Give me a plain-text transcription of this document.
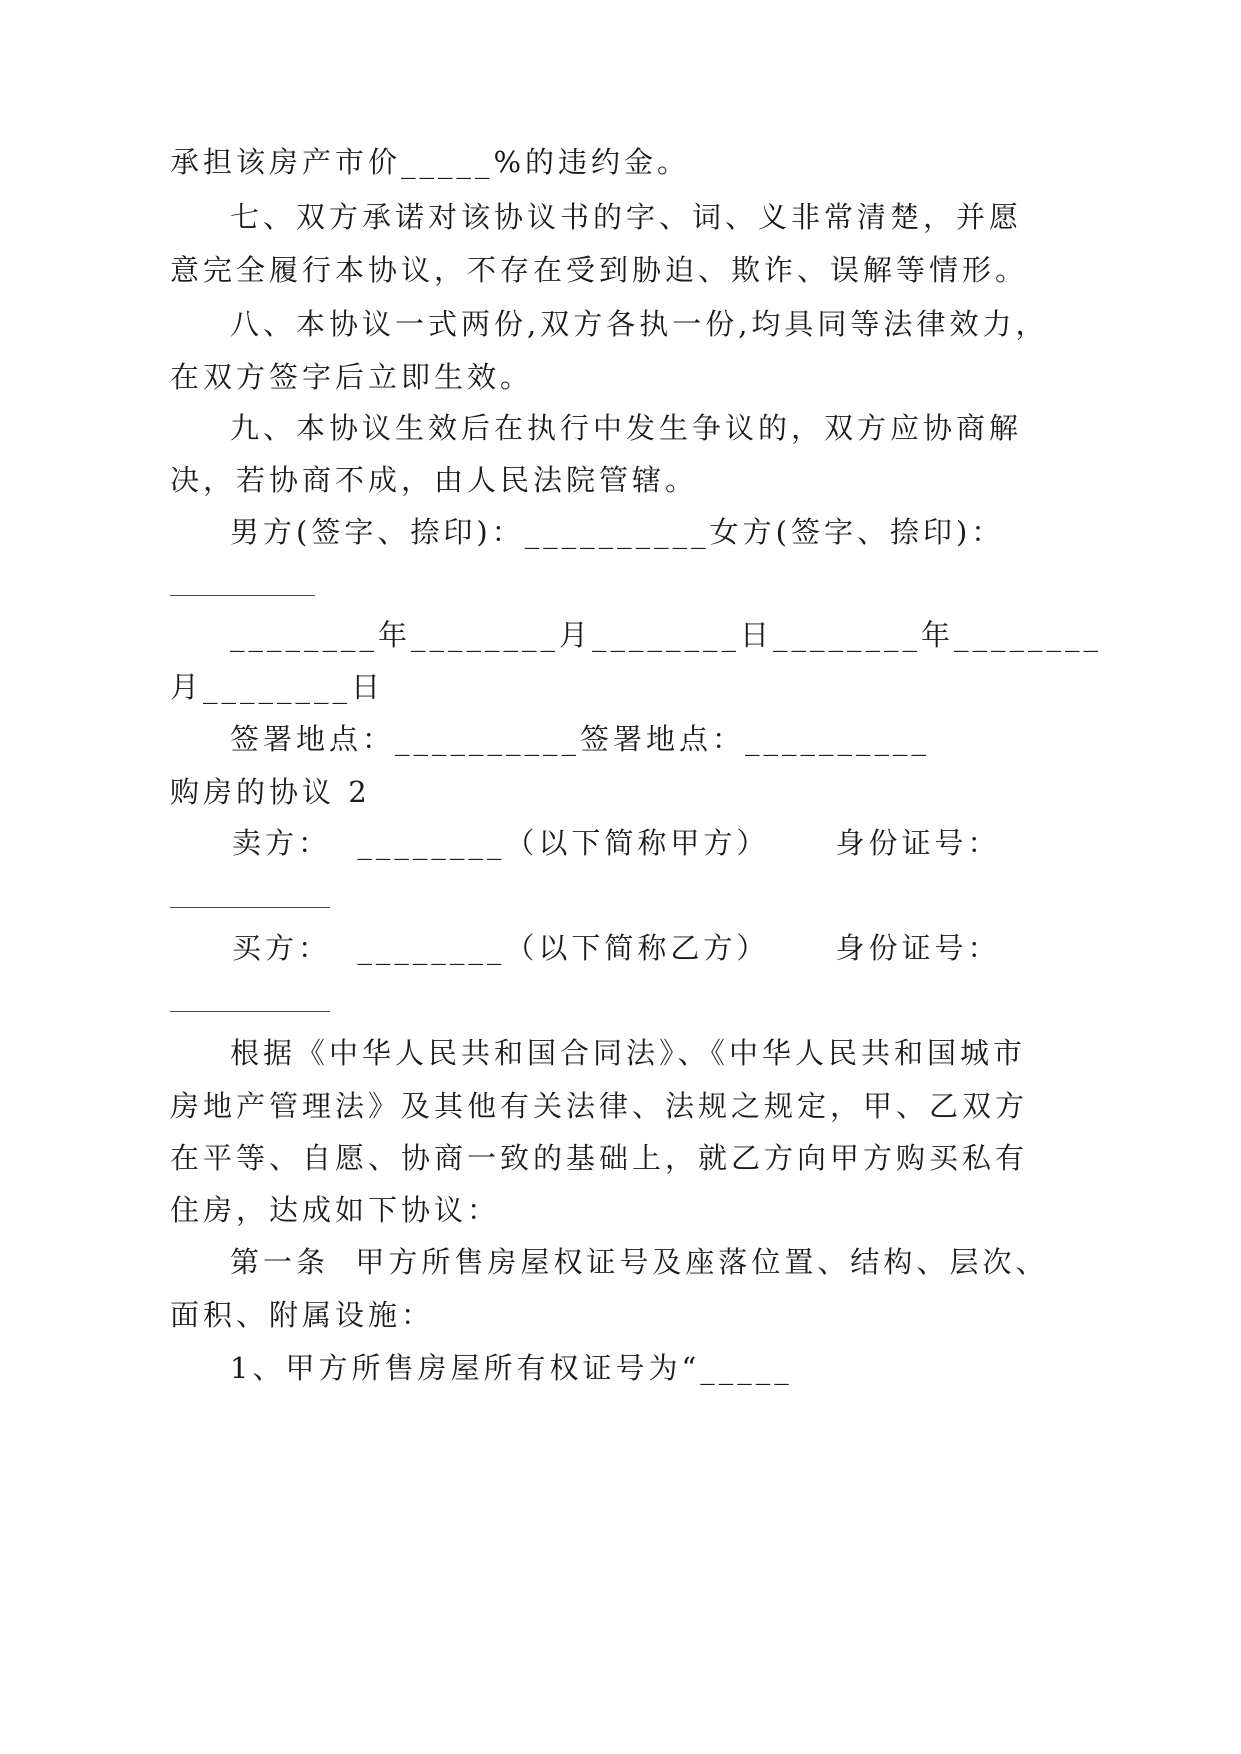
承担该房产市价_____%的违约金。
七、双方承诺对该协议书的字、词、义非常清楚，并愿
意完全履行本协议，不存在受到胁迫、欺诈、误解等情形。
八、本协议一式两份,双方各执一份,均具同等法律效力，
在双方签字后立即生效。
九、本协议生效后在执行中发生争议的，双方应协商解
决，若协商不成，由人民法院管辖。
男方(签字、捺印)：__________女方(签字、捺印)：
________年________月________日________年________
月________日
签署地点：__________签署地点：__________
购房的协议 2
卖方：  ________（以下简称甲方）     身份证号：
买方：  ________（以下简称乙方）     身份证号：
根据《中华人民共和国合同法》、《中华人民共和国城市
房地产管理法》及其他有关法律、法规之规定，甲、乙双方
在平等、自愿、协商一致的基础上，就乙方向甲方购买私有
住房，达成如下协议：
第一条  甲方所售房屋权证号及座落位置、结构、层次、
面积、附属设施：
1、甲方所售房屋所有权证号为“_____
